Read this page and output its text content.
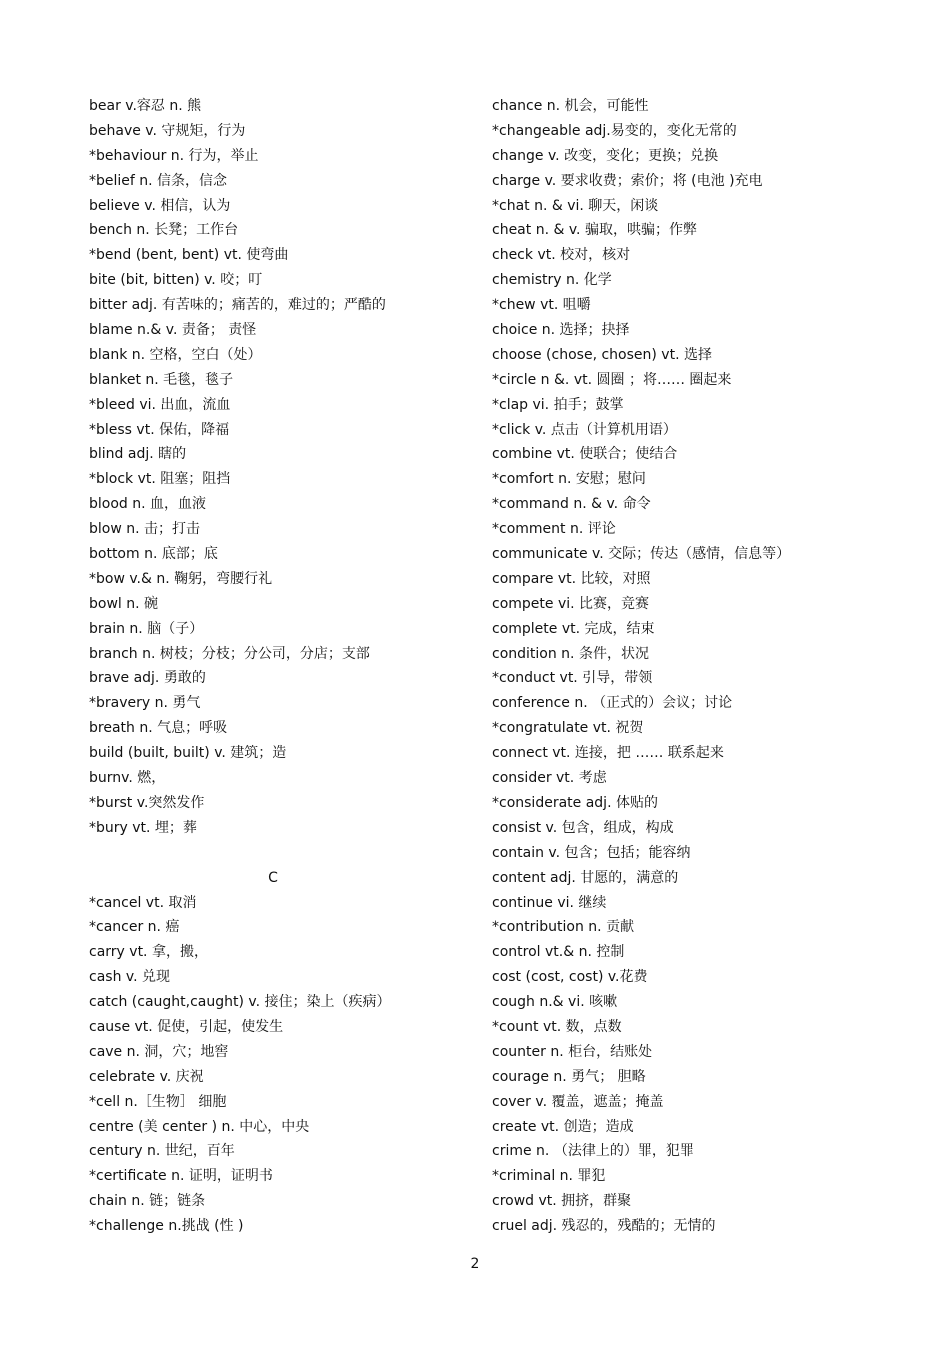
bear v.容忍 n. 熊
behave v. 守规矩，行为
*behaviour n. 行为，举止
*belief n. 信条，信念
believe v. 相信，认为
bench n. 长凳；工作台
*bend (bent, bent) vt. 使弯曲
bite (bit, bitten) v. 咬；叮
bitter adj. 有苦味的；痛苦的，难过的；严酷的
blame n.& v. 责备； 责怪
blank n. 空格，空白（处）
blanket n. 毛毯，毯子
*bleed vi. 出血，流血
*bless vt. 保佑，降福
blind adj. 瞎的
*block vt. 阻塞；阻挡
blood n. 血，血液
blow n. 击；打击
bottom n. 底部；底
*bow v.& n. 鞠躬，弯腰行礼
bowl n. 碗
brain n. 脑（子）
branch n. 树枝；分枝；分公司，分店；支部
brave adj. 勇敢的
*bravery n. 勇气
breath n. 气息；呼吸
build (built, built) v. 建筑；造
burnv. 燃，
*burst v.突然发作
*bury vt. 埋；葬
C
*cancel vt. 取消
*cancer n. 癌
carry vt. 拿，搬，
cash v. 兑现
catch (caught,caught) v. 接住；染上（疾病）
cause vt. 促使，引起，使发生
cave n. 洞，穴；地窖
celebrate v. 庆祝
*cell n.［生物］ 细胞
centre (美 center ) n. 中心，中央
century n. 世纪，百年
*certificate n. 证明，证明书
chain n. 链；链条
*challenge n.挑战 (性 )
chance n. 机会，可能性
*changeable adj.易变的，变化无常的
change v. 改变，变化；更换；兑换
charge v. 要求收费；索价；将 (电池 )充电
*chat n. & vi. 聊天，闲谈
cheat n. & v. 骗取，哄骗；作弊
check vt. 校对，核对
chemistry n. 化学
*chew vt. 咀嚼
choice n. 选择；抉择
choose (chose, chosen) vt. 选择
*circle n &. vt. 圆圈 ；将…… 圈起来
*clap vi. 拍手；鼓掌
*click v. 点击（计算机用语）
combine vt. 使联合；使结合
*comfort n. 安慰；慰问
*command n. & v. 命令
*comment n. 评论
communicate v. 交际；传达（感情，信息等）
compare vt. 比较，对照
compete vi. 比赛，竞赛
complete vt. 完成，结束
condition n. 条件，状况
*conduct vt. 引导，带领
conference n. （正式的）会议；讨论
*congratulate vt. 祝贺
connect vt. 连接，把 …… 联系起来
consider vt. 考虑
*considerate adj. 体贴的
consist v. 包含，组成，构成
contain v. 包含；包括；能容纳
content adj. 甘愿的，满意的
continue vi. 继续
*contribution n. 贡献
control vt.& n. 控制
cost (cost, cost) v.花费
cough n.& vi. 咳嗽
*count vt. 数，点数
counter n. 柜台，结账处
courage n. 勇气； 胆略
cover v. 覆盖，遮盖；掩盖
create vt. 创造；造成
crime n. （法律上的）罪，犯罪
*criminal n. 罪犯
crowd vt. 拥挤，群聚
cruel adj. 残忍的，残酷的；无情的
2
